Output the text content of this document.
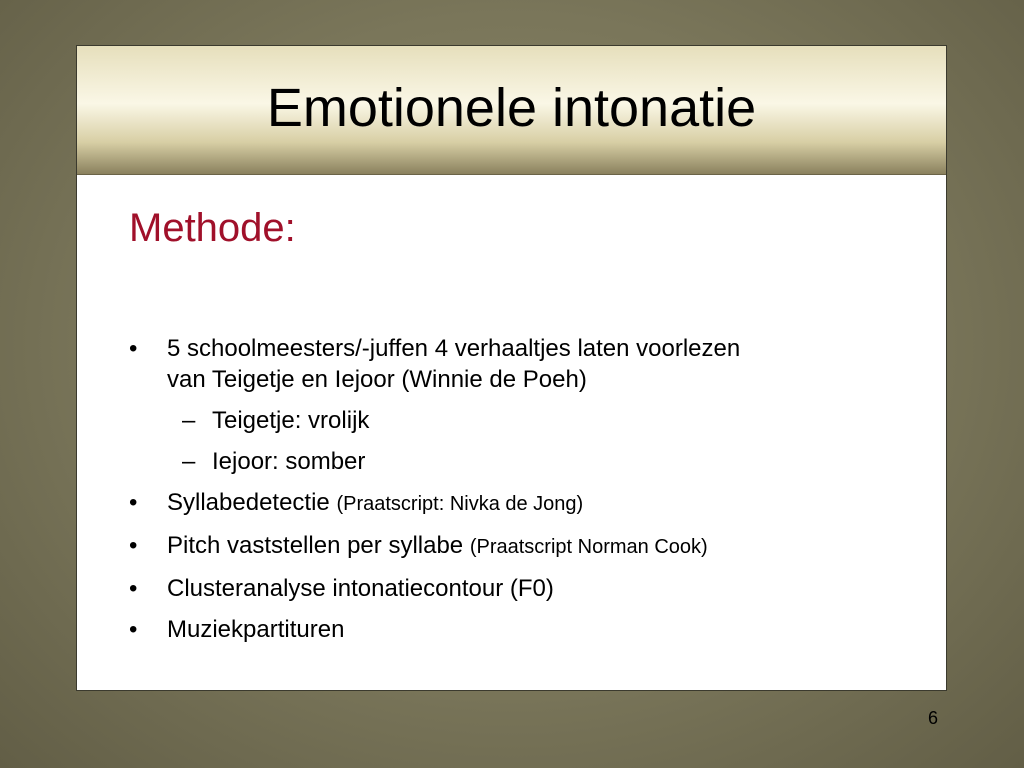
Emotionele intonatie
Methode:
• 5 schoolmeesters/-juffen 4 verhaaltjes laten voorlezen
van Teigetje en Iejoor (Winnie de Poeh)
– Teigetje: vrolijk
– Iejoor: somber
• Syllabedetectie (Praatscript: Nivka de Jong)
• Pitch vaststellen per syllabe (Praatscript Norman Cook)
• Clusteranalyse intonatiecontour (F0)
• Muziekpartituren
6
